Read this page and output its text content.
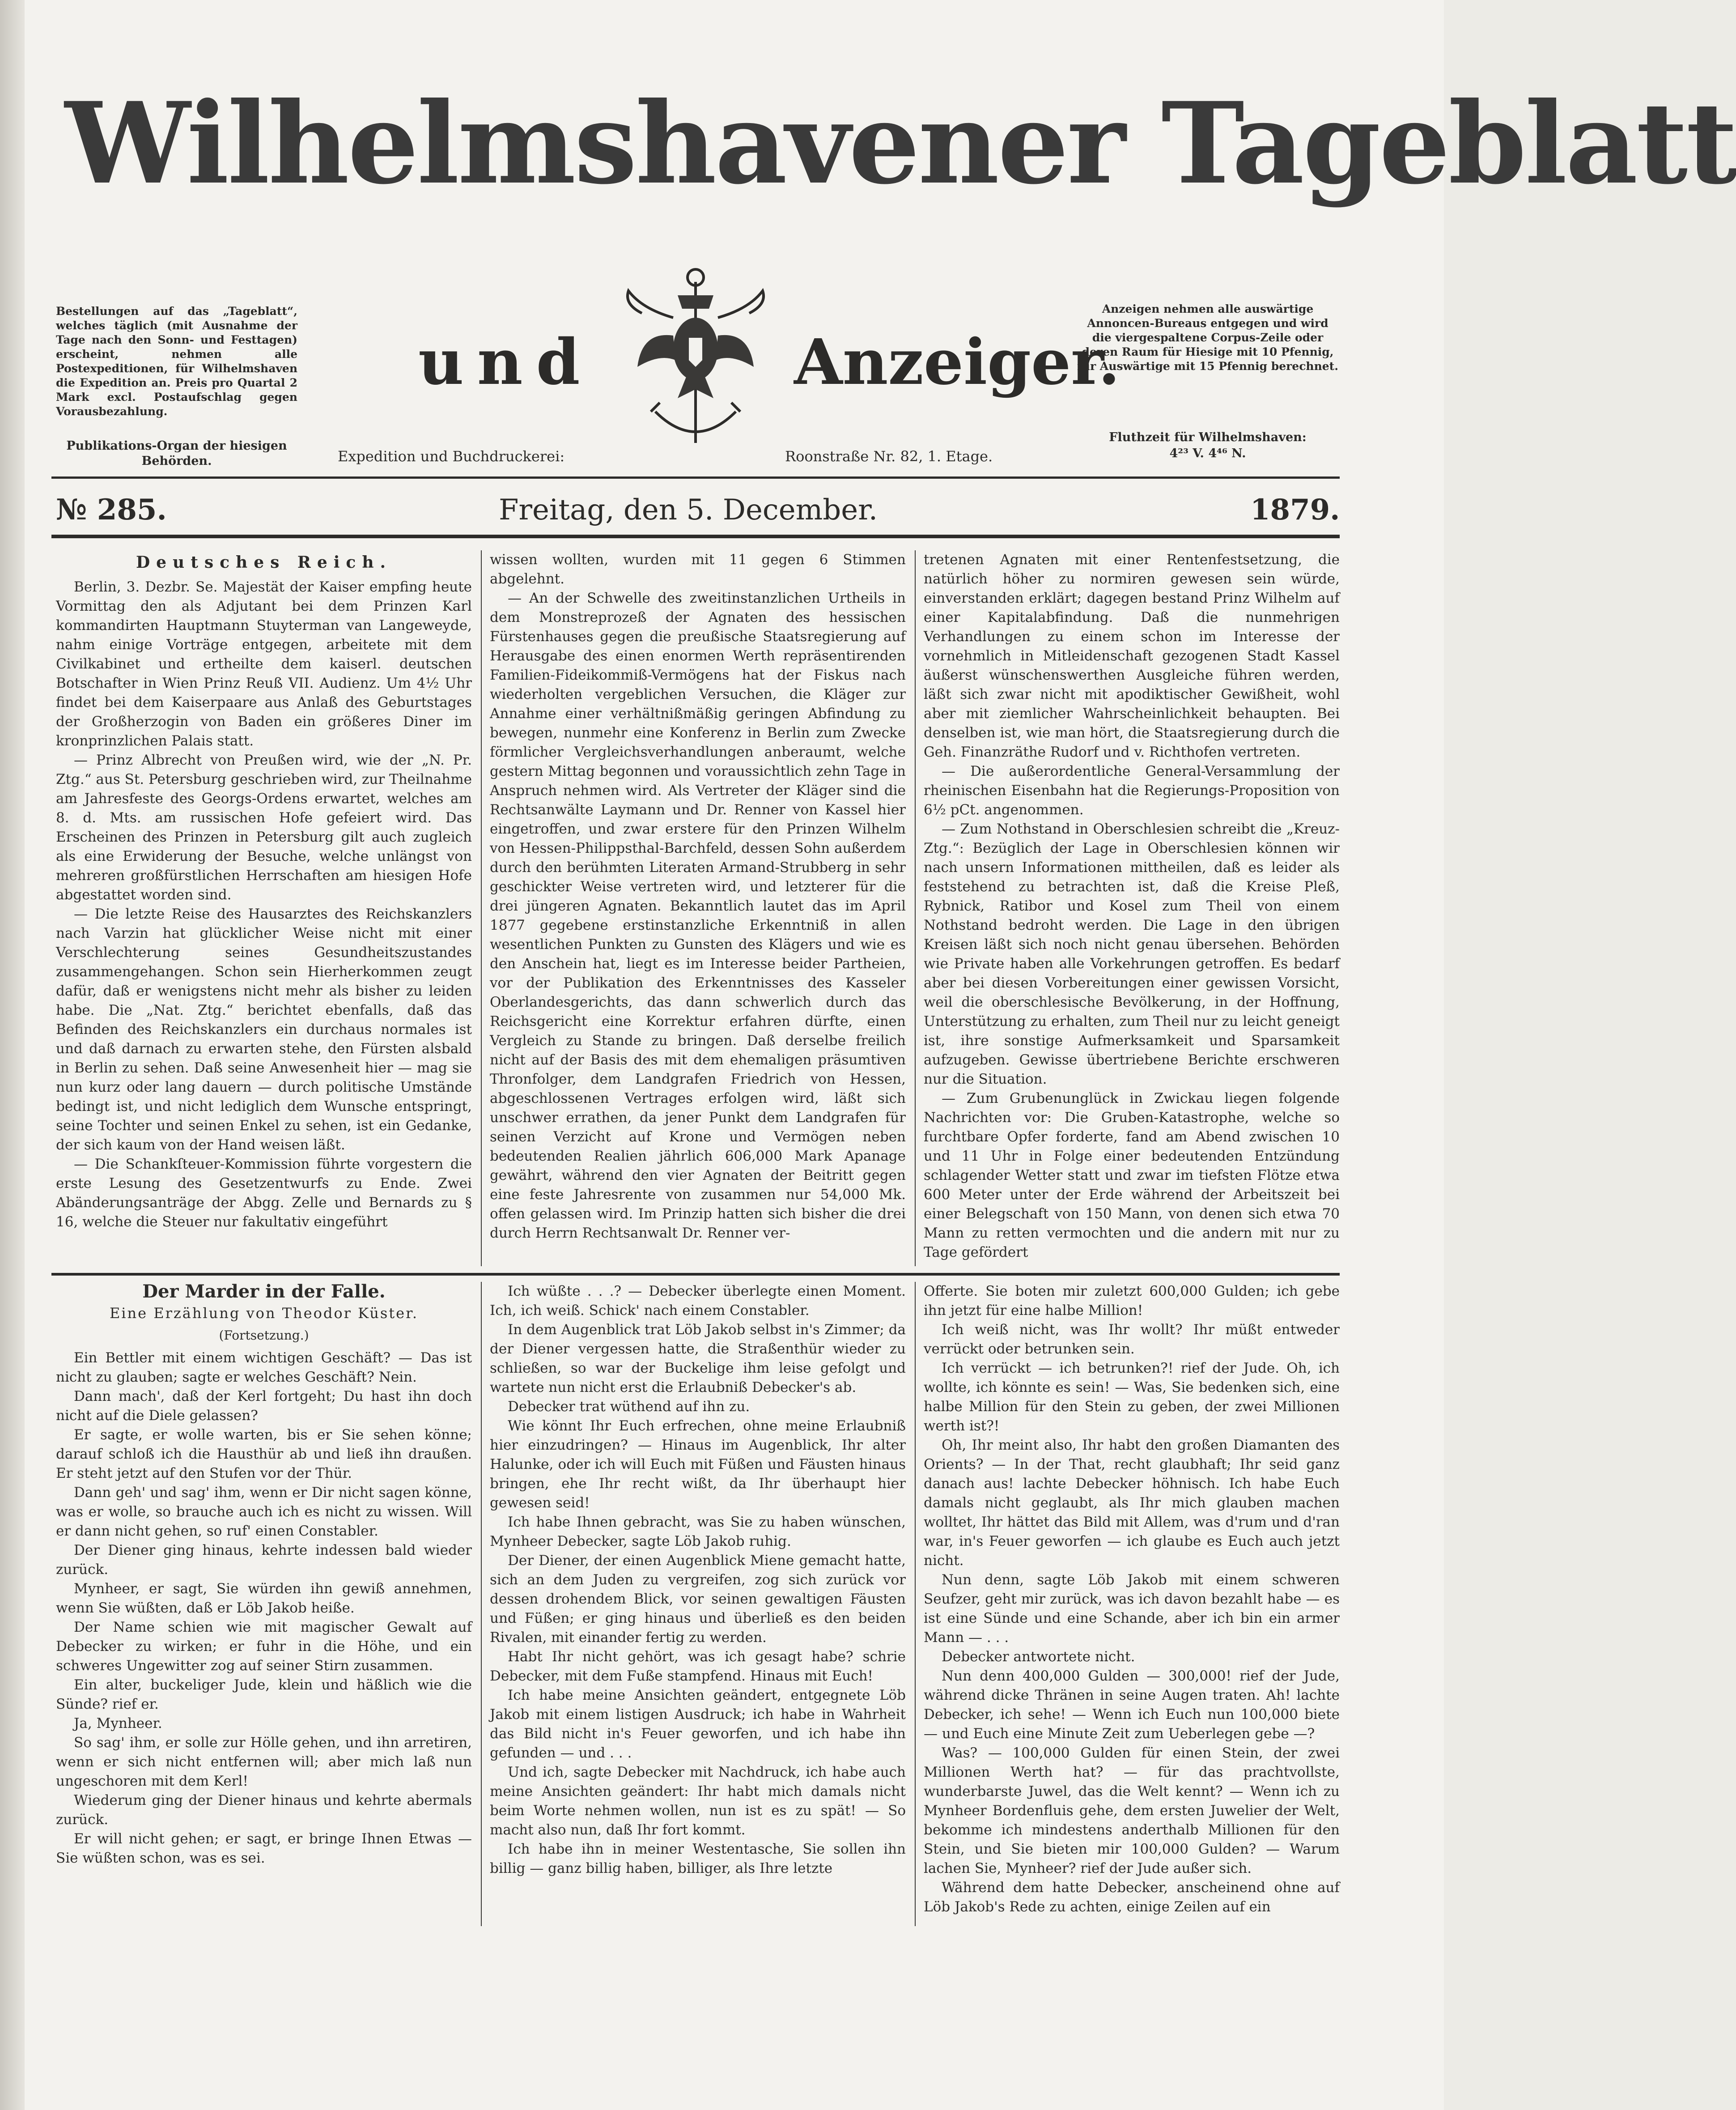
Wilhelmshavener Tageblatt
Bestellungen auf das „Tageblatt“, welches täglich (mit Ausnahme der Tage nach den Sonn- und Festtagen) erscheint, nehmen alle Postexpeditionen, für Wilhelmshaven die Expedition an. Preis pro Quartal 2 Mark excl. Postaufschlag gegen Vorausbezahlung.
Publikations-Organ der hiesigen Behörden.
und	Anzeiger.
Anzeigen nehmen alle auswärtige Annoncen-Bureaus entgegen und wird die viergespaltene Corpus-Zeile oder deren Raum für Hiesige mit 10 Pfennig, für Auswärtige mit 15 Pfennig berechnet.
Fluthzeit für Wilhelmshaven:
4²³ V. 4⁴⁶ N.
Expedition und Buchdruckerei:	Roonstraße Nr. 82, 1. Etage.
№ 285.	Freitag, den 5. December.	1879.
Deutsches Reich.

Berlin, 3. Dezbr. Se. Majestät der Kaiser empfing heute Vormittag den als Adjutant bei dem Prinzen Karl kommandirten Hauptmann Stuyterman van Langeweyde, nahm einige Vorträge entgegen, arbeitete mit dem Civilkabinet und ertheilte dem kaiserl. deutschen Botschafter in Wien Prinz Reuß VII. Audienz. Um 4½ Uhr findet bei dem Kaiserpaare aus Anlaß des Geburtstages der Großherzogin von Baden ein größeres Diner im kronprinzlichen Palais statt.

— Prinz Albrecht von Preußen wird, wie der „N. Pr. Ztg.“ aus St. Petersburg geschrieben wird, zur Theilnahme am Jahresfeste des Georgs-Ordens erwartet, welches am 8. d. Mts. am russischen Hofe gefeiert wird. Das Erscheinen des Prinzen in Petersburg gilt auch zugleich als eine Erwiderung der Besuche, welche unlängst von mehreren großfürstlichen Herrschaften am hiesigen Hofe abgestattet worden sind.

— Die letzte Reise des Hausarztes des Reichskanzlers nach Varzin hat glücklicher Weise nicht mit einer Verschlechterung seines Gesundheitszustandes zusammengehangen. Schon sein Hierherkommen zeugt dafür, daß er wenigstens nicht mehr als bisher zu leiden habe. Die „Nat. Ztg.“ berichtet ebenfalls, daß das Befinden des Reichskanzlers ein durchaus normales ist und daß darnach zu erwarten stehe, den Fürsten alsbald in Berlin zu sehen. Daß seine Anwesenheit hier — mag sie nun kurz oder lang dauern — durch politische Umstände bedingt ist, und nicht lediglich dem Wunsche entspringt, seine Tochter und seinen Enkel zu sehen, ist ein Gedanke, der sich kaum von der Hand weisen läßt.

— Die Schankſteuer-Kommission führte vorgestern die erste Lesung des Gesetzentwurfs zu Ende. Zwei Abänderungsanträge der Abgg. Zelle und Bernards zu § 16, welche die Steuer nur fakultativ eingeführt

wissen wollten, wurden mit 11 gegen 6 Stimmen abgelehnt.

— An der Schwelle des zweitinstanzlichen Urtheils in dem Monstreprozeß der Agnaten des hessischen Fürstenhauses gegen die preußische Staatsregierung auf Herausgabe des einen enormen Werth repräsentirenden Familien-Fideikommiß-Vermögens hat der Fiskus nach wiederholten vergeblichen Versuchen, die Kläger zur Annahme einer verhältnißmäßig geringen Abfindung zu bewegen, nunmehr eine Konferenz in Berlin zum Zwecke förmlicher Vergleichsverhandlungen anberaumt, welche gestern Mittag begonnen und voraussichtlich zehn Tage in Anspruch nehmen wird. Als Vertreter der Kläger sind die Rechtsanwälte Laymann und Dr. Renner von Kassel hier eingetroffen, und zwar erstere für den Prinzen Wilhelm von Hessen-Philippsthal-Barchfeld, dessen Sohn außerdem durch den berühmten Literaten Armand-Strubberg in sehr geschickter Weise vertreten wird, und letzterer für die drei jüngeren Agnaten. Bekanntlich lautet das im April 1877 gegebene erstinstanzliche Erkenntniß in allen wesentlichen Punkten zu Gunsten des Klägers und wie es den Anschein hat, liegt es im Interesse beider Partheien, vor der Publikation des Erkenntnisses des Kasseler Oberlandesgerichts, das dann schwerlich durch das Reichsgericht eine Korrektur erfahren dürfte, einen Vergleich zu Stande zu bringen. Daß derselbe freilich nicht auf der Basis des mit dem ehemaligen präsumtiven Thronfolger, dem Landgrafen Friedrich von Hessen, abgeschlossenen Vertrages erfolgen wird, läßt sich unschwer errathen, da jener Punkt dem Landgrafen für seinen Verzicht auf Krone und Vermögen neben bedeutenden Realien jährlich 606,000 Mark Apanage gewährt, während den vier Agnaten der Beitritt gegen eine feste Jahresrente von zusammen nur 54,000 Mk. offen gelassen wird. Im Prinzip hatten sich bisher die drei durch Herrn Rechtsanwalt Dr. Renner ver-

tretenen Agnaten mit einer Rentenfestsetzung, die natürlich höher zu normiren gewesen sein würde, einverstanden erklärt; dagegen bestand Prinz Wilhelm auf einer Kapitalabfindung. Daß die nunmehrigen Verhandlungen zu einem schon im Interesse der vornehmlich in Mitleidenschaft gezogenen Stadt Kassel äußerst wünschenswerthen Ausgleiche führen werden, läßt sich zwar nicht mit apodiktischer Gewißheit, wohl aber mit ziemlicher Wahrscheinlichkeit behaupten. Bei denselben ist, wie man hört, die Staatsregierung durch die Geh. Finanzräthe Rudorf und v. Richthofen vertreten.

— Die außerordentliche General-Versammlung der rheinischen Eisenbahn hat die Regierungs-Proposition von 6½ pCt. angenommen.

— Zum Nothstand in Oberschlesien schreibt die „Kreuz-Ztg.“: Bezüglich der Lage in Oberschlesien können wir nach unsern Informationen mittheilen, daß es leider als feststehend zu betrachten ist, daß die Kreise Pleß, Rybnick, Ratibor und Kosel zum Theil von einem Nothstand bedroht werden. Die Lage in den übrigen Kreisen läßt sich noch nicht genau übersehen. Behörden wie Private haben alle Vorkehrungen getroffen. Es bedarf aber bei diesen Vorbereitungen einer gewissen Vorsicht, weil die oberschlesische Bevölkerung, in der Hoffnung, Unterstützung zu erhalten, zum Theil nur zu leicht geneigt ist, ihre sonstige Aufmerksamkeit und Sparsamkeit aufzugeben. Gewisse übertriebene Berichte erschweren nur die Situation.

— Zum Grubenunglück in Zwickau liegen folgende Nachrichten vor: Die Gruben-Katastrophe, welche so furchtbare Opfer forderte, fand am Abend zwischen 10 und 11 Uhr in Folge einer bedeutenden Entzündung schlagender Wetter statt und zwar im tiefsten Flötze etwa 600 Meter unter der Erde während der Arbeitszeit bei einer Belegschaft von 150 Mann, von denen sich etwa 70 Mann zu retten vermochten und die andern mit nur zu Tage gefördert

Der Marder in der Falle.
Eine Erzählung von Theodor Küster.
(Fortsetzung.)

Ein Bettler mit einem wichtigen Geschäft? — Das ist nicht zu glauben; sagte er welches Geschäft? Nein.

Dann mach', daß der Kerl fortgeht; Du hast ihn doch nicht auf die Diele gelassen?

Er sagte, er wolle warten, bis er Sie sehen könne; darauf schloß ich die Hausthür ab und ließ ihn draußen. Er steht jetzt auf den Stufen vor der Thür.

Dann geh' und sag' ihm, wenn er Dir nicht sagen könne, was er wolle, so brauche auch ich es nicht zu wissen. Will er dann nicht gehen, so ruf' einen Constabler.

Der Diener ging hinaus, kehrte indessen bald wieder zurück.

Mynheer, er sagt, Sie würden ihn gewiß annehmen, wenn Sie wüßten, daß er Löb Jakob heiße.

Der Name schien wie mit magischer Gewalt auf Debecker zu wirken; er fuhr in die Höhe, und ein schweres Ungewitter zog auf seiner Stirn zusammen.

Ein alter, buckeliger Jude, klein und häßlich wie die Sünde? rief er.

Ja, Mynheer.

So sag' ihm, er solle zur Hölle gehen, und ihn arretiren, wenn er sich nicht entfernen will; aber mich laß nun ungeschoren mit dem Kerl!

Wiederum ging der Diener hinaus und kehrte abermals zurück.

Er will nicht gehen; er sagt, er bringe Ihnen Etwas — Sie wüßten schon, was es sei.

Ich wüßte . . .? — Debecker überlegte einen Moment. Ich, ich weiß. Schick' nach einem Constabler.

In dem Augenblick trat Löb Jakob selbst in's Zimmer; da der Diener vergessen hatte, die Straßenthür wieder zu schließen, so war der Buckelige ihm leise gefolgt und wartete nun nicht erst die Erlaubniß Debecker's ab.

Debecker trat wüthend auf ihn zu.

Wie könnt Ihr Euch erfrechen, ohne meine Erlaubniß hier einzudringen? — Hinaus im Augenblick, Ihr alter Halunke, oder ich will Euch mit Füßen und Fäusten hinaus bringen, ehe Ihr recht wißt, da Ihr überhaupt hier gewesen seid!

Ich habe Ihnen gebracht, was Sie zu haben wünschen, Mynheer Debecker, sagte Löb Jakob ruhig.

Der Diener, der einen Augenblick Miene gemacht hatte, sich an dem Juden zu vergreifen, zog sich zurück vor dessen drohendem Blick, vor seinen gewaltigen Fäusten und Füßen; er ging hinaus und überließ es den beiden Rivalen, mit einander fertig zu werden.

Habt Ihr nicht gehört, was ich gesagt habe? schrie Debecker, mit dem Fuße stampfend. Hinaus mit Euch!

Ich habe meine Ansichten geändert, entgegnete Löb Jakob mit einem listigen Ausdruck; ich habe in Wahrheit das Bild nicht in's Feuer geworfen, und ich habe ihn gefunden — und . . .

Und ich, sagte Debecker mit Nachdruck, ich habe auch meine Ansichten geändert: Ihr habt mich damals nicht beim Worte nehmen wollen, nun ist es zu spät! — So macht also nun, daß Ihr fort kommt.

Ich habe ihn in meiner Westentasche, Sie sollen ihn billig — ganz billig haben, billiger, als Ihre letzte

Offerte. Sie boten mir zuletzt 600,000 Gulden; ich gebe ihn jetzt für eine halbe Million!

Ich weiß nicht, was Ihr wollt? Ihr müßt entweder verrückt oder betrunken sein.

Ich verrückt — ich betrunken?! rief der Jude. Oh, ich wollte, ich könnte es sein! — Was, Sie bedenken sich, eine halbe Million für den Stein zu geben, der zwei Millionen werth ist?!

Oh, Ihr meint also, Ihr habt den großen Diamanten des Orients? — In der That, recht glaubhaft; Ihr seid ganz danach aus! lachte Debecker höhnisch. Ich habe Euch damals nicht geglaubt, als Ihr mich glauben machen wolltet, Ihr hättet das Bild mit Allem, was d'rum und d'ran war, in's Feuer geworfen — ich glaube es Euch auch jetzt nicht.

Nun denn, sagte Löb Jakob mit einem schweren Seufzer, geht mir zurück, was ich davon bezahlt habe — es ist eine Sünde und eine Schande, aber ich bin ein armer Mann — . . .

Debecker antwortete nicht.

Nun denn 400,000 Gulden — 300,000! rief der Jude, während dicke Thränen in seine Augen traten. Ah! lachte Debecker, ich sehe! — Wenn ich Euch nun 100,000 biete — und Euch eine Minute Zeit zum Ueberlegen gebe —?

Was? — 100,000 Gulden für einen Stein, der zwei Millionen Werth hat? — für das prachtvollste, wunderbarste Juwel, das die Welt kennt? — Wenn ich zu Mynheer Bordenfluis gehe, dem ersten Juwelier der Welt, bekomme ich mindestens anderthalb Millionen für den Stein, und Sie bieten mir 100,000 Gulden? — Warum lachen Sie, Mynheer? rief der Jude außer sich.

Während dem hatte Debecker, anscheinend ohne auf Löb Jakob's Rede zu achten, einige Zeilen auf ein
